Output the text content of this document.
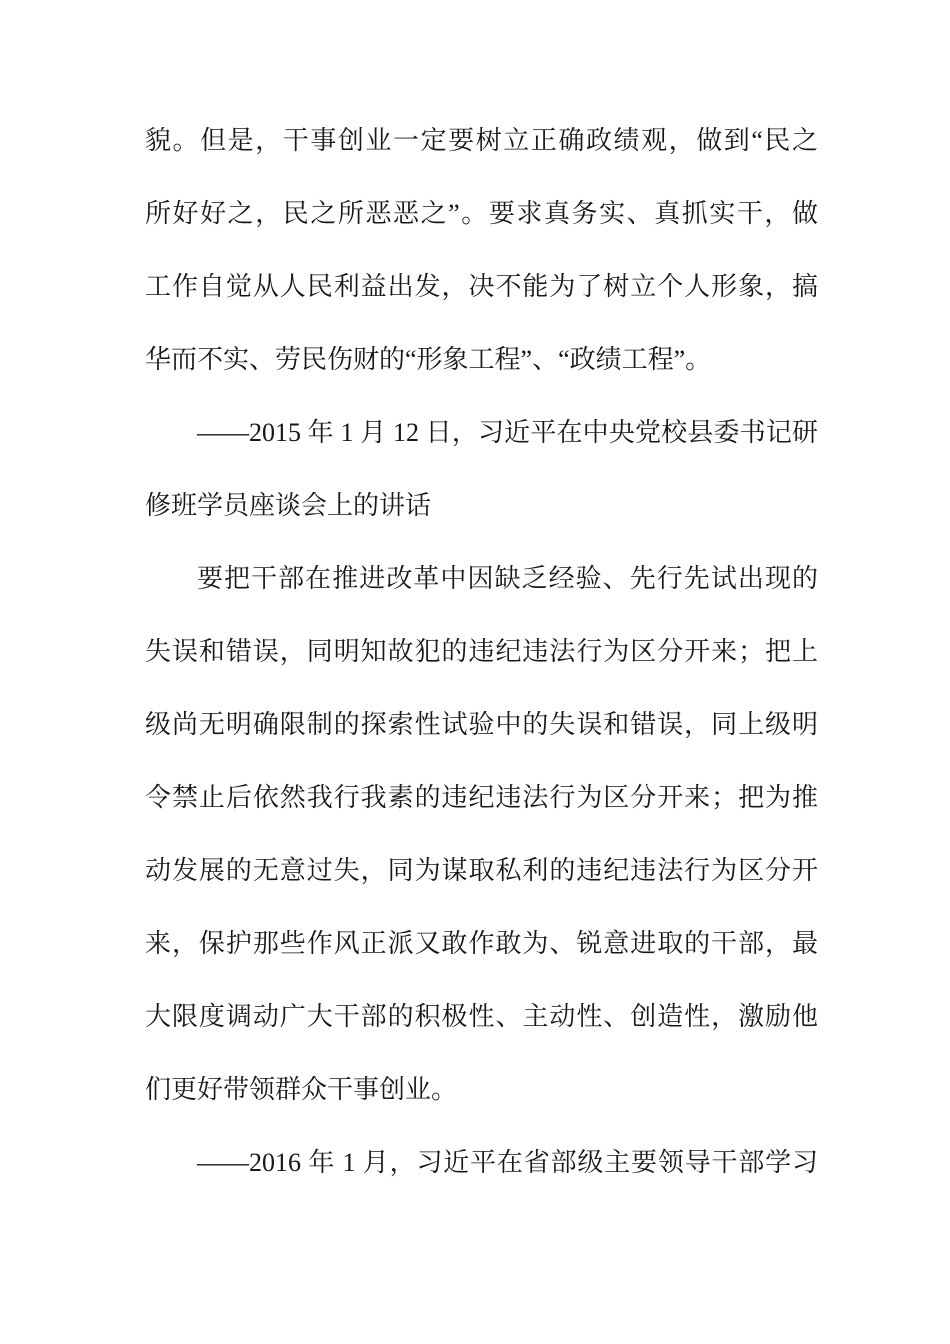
貌。但是，干事创业一定要树立正确政绩观，做到“民之
所好好之，民之所恶恶之”。要求真务实、真抓实干，做
工作自觉从人民利益出发，决不能为了树立个人形象，搞
华而不实、劳民伤财的“形象工程”、“政绩工程”。
——2015 年 1 月 12 日，习近平在中央党校县委书记研
修班学员座谈会上的讲话
要把干部在推进改革中因缺乏经验、先行先试出现的
失误和错误，同明知故犯的违纪违法行为区分开来；把上
级尚无明确限制的探索性试验中的失误和错误，同上级明
令禁止后依然我行我素的违纪违法行为区分开来；把为推
动发展的无意过失，同为谋取私利的违纪违法行为区分开
来，保护那些作风正派又敢作敢为、锐意进取的干部，最
大限度调动广大干部的积极性、主动性、创造性，激励他
们更好带领群众干事创业。
——2016 年 1 月，习近平在省部级主要领导干部学习
